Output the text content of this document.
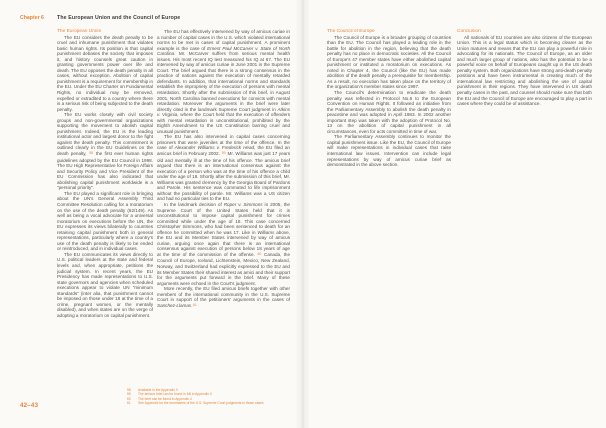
Chapter 6	The European Union and the Council of Europe

The European Union

The EU considers the death penalty to be cruel and inhumane punishment that violates basic human rights. Its position is that capital punishment debases the society that imposes it, and history counsels great caution in granting governments power over life and death. The EU opposes the death penalty in all cases, without exception. Abolition of capital punishment is a requirement for membership in the EU. Under the EU Charter on Fundamental Rights, no individual may be removed, expelled or extradited to a country where there is a serious risk of being subjected to the death penalty.

The EU works closely with civil society groups and non-governmental organizations supporting the movement to abolish capital punishment. Indeed, the EU is the leading institutional actor and largest donor to the fight against the death penalty. This commitment is outlined clearly in the EU Guidelines on the death penalty, 58 the first ever human rights guidelines adopted by the EU Council in 1998. The EU High Representative for Foreign Affairs and Security Policy and Vice President of the EU Commission has also indicated that abolishing capital punishment worldwide is a "personal priority".

The EU played a significant role in bringing about the UN's General Assembly Third Committee Resolution calling for a moratorium on the use of the death penalty (62/149). As well as being a vocal advocate for a universal moratorium on executions before the UN, the EU expresses its views bilaterally to countries retaining capital punishment both in general representations, particularly where a country's use of the death penalty is likely to be ended or reintroduced, and in individual cases.

The EU communicates its views directly to U.S. political leaders at the state and federal levels and, when appropriate, petitions the judicial system. In recent years, the EU Presidency has made representations to U.S. state governors and agencies when scheduled executions appear to violate UN "minimum standards" (inter alia, that punishment cannot be imposed on those under 18 at the time of a crime, pregnant women, or the mentally disabled), and when states are on the verge of adopting a moratorium on capital punishment.

The EU has effectively intervened by way of amicus curiae in a number of capital cases in the U.S. which violated international norms to be met in cases of capital punishment. A prominent example is the case of Ernest Paul McCarver v. State of North Carolina. Mr. McCarver suffers from serious mental health issues. His most recent IQ test measured his IQ at 67. The EU intervened by way of amicus curiae in June 2001 in the Supreme Court. The brief argued that there is a strong consensus in the practice of nations against the execution of mentally retarded defendants. In addition, that international norms and standards establish the impropriety of the execution of persons with mental retardation. Shortly after the submission of this brief, in August 2001, North Carolina banned executions for convicts with mental retardation. Moreover the arguments in the brief were later directly cited in the landmark Supreme Court judgment in Atkins v. Virginia, where the Court held that the execution of offenders with mental retardation is unconstitutional, prohibited by the Eighth Amendment to the US Constitution barring cruel and unusual punishment.

The EU has also intervened in capital cases concerning prisoners that were juveniles at the time of the offence. In the case of Alexander Williams v. Frederick Head, the EU filed an amicus brief in February 2002. 59 Mr. Williams was just 17 years old and mentally ill at the time of his offence. The amicus brief argued that there is an international consensus against the execution of a person who was at the time of his offence a child under the age of 18. Shortly after the submission of this brief, Mr. Williams was granted clemency by the Georgia Board of Pardons and Parole. His sentence was commuted to life imprisonment without the possibility of parole. Mr. Williams was a US citizen and had no particular ties to the EU.

In the landmark decision of Roper v. Simmons in 2005, the Supreme Court of the United States held that it is unconstitutional to impose capital punishment for crimes committed while under the age of 18. This case concerned Christopher Simmons, who had been sentenced to death for an offence he committed when he was 17. Like in Williams above, the EU and its Member States intervened by way of amicus curiae, arguing once again that there is an international consensus against execution of persons below 18 years of age at the time of the commission of the offense. 60 Canada, the Council of Europe, Iceland, Lichtenstein, Mexico, New Zealand, Norway, and Switzerland had explicitly expressed to the EU and its Member States their shared interest as amici and their support for the arguments put forward in the brief. Many of these arguments were echoed in the Court's judgment.

More recently, the EU filed amicus briefs together with other members of the international community in the U.S. Supreme Court in support of the petitioners' arguments in the cases of Sanchez-Llamas.61

58	Available in the Appendix 3
59	The amicus brief can be found in full in Appendix 4
60	The brief can be found in Appendix 4
61	See Appendix for the summaries of the U.S. Supreme Court judgments in those cases
42–43

The Council of Europe

The Council of Europe is a broader grouping of countries than the EU. The Council has played a leading role in the battle for abolition in the region, believing that the death penalty has no place in democratic societies. All the Council of Europe's 47 member states have either abolished capital punishment or instituted a moratorium on executions. As noted in Chapter 4, the Council (like the EU) has made abolition of the death penalty a prerequisite for membership. As a result, no execution has taken place on the territory of the organization's member states since 1997.

The Council's determination to eradicate the death penalty was reflected in Protocol No.6 to the European Convention on Human Rights. It followed an initiative from the Parliamentary Assembly to abolish the death penalty in peacetime and was adopted in April 1983. In 2002 another important step was taken with the adoption of Protocol No. 13 on the abolition of capital punishment in all circumstances, even for acts committed in time of war.

The Parliamentary Assembly continues to monitor the capital punishment issue. Like the EU, the Council of Europe will make representations in individual cases that raise international law issues. Intervention can include legal representations by way of amicus curiae brief as demonstrated in the above section.

Conclusion

All nationals of EU countries are also citizens of the European Union. This is a legal status which is becoming clearer as the Union matures and means that the EU can play a powerful role in advocating for its nationals. The Council of Europe, as an older and much larger group of nations, also has the potential to be a powerful voice on behalf of Europeans caught up in the US death penalty system. Both organizations have strong anti-death penalty positions and have been instrumental in creating much of the international law restricting and abolishing the use of capital punishment in their regions. They have intervened in US death penalty cases in the past, and counsel should make sure that both the EU and the Council of Europe are encouraged to play a part in cases where they could be of assistance.
